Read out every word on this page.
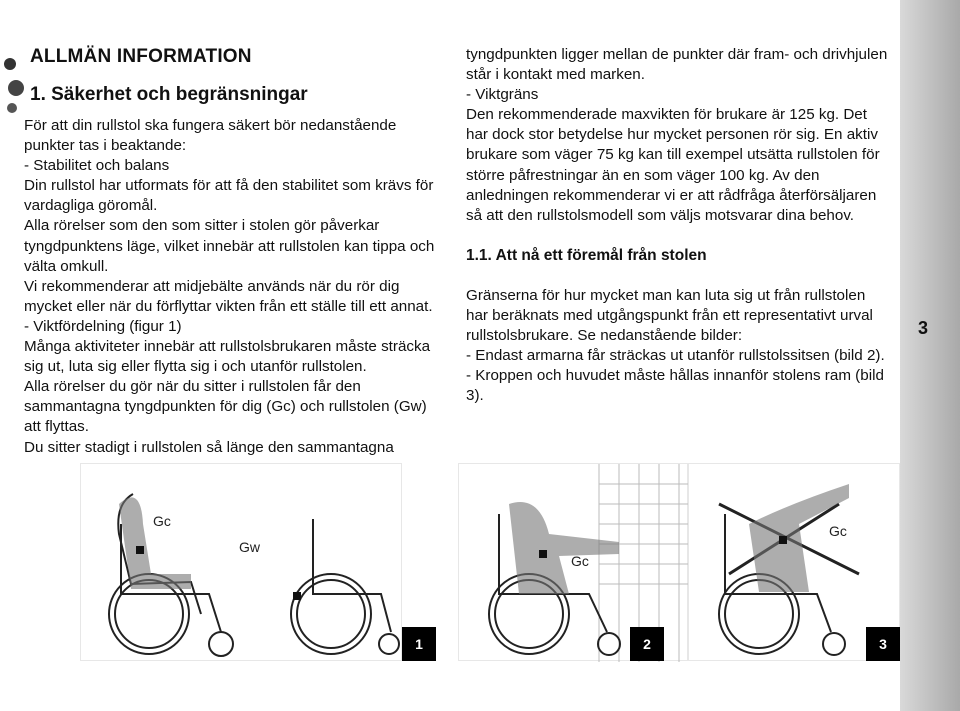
3
ALLMÄN INFORMATION
1. Säkerhet och begränsningar

För att din rullstol ska fungera säkert bör nedanstående punkter tas i beaktande:

- Stabilitet och balans

Din rullstol har utformats för att få den stabilitet som krävs för vardagliga göromål.

Alla rörelser som den som sitter i stolen gör påverkar tyngdpunktens läge, vilket innebär att rullstolen kan tippa och välta omkull.

Vi rekommenderar att midjebälte används när du rör dig mycket eller när du förflyttar vikten från ett ställe till ett annat.

- Viktfördelning (figur 1)

Många aktiviteter innebär att rullstolsbrukaren måste sträcka sig ut, luta sig eller flytta sig i och utanför rullstolen.

Alla rörelser du gör när du sitter i rullstolen får den sammantagna tyngdpunkten för dig (Gc) och rullstolen (Gw) att flyttas.

Du sitter stadigt i rullstolen så länge den sammantagna

tyngdpunkten ligger mellan de punkter där fram- och drivhjulen står i kontakt med marken.

- Viktgräns

Den rekommenderade maxvikten för brukare är 125 kg. Det har dock stor betydelse hur mycket personen rör sig. En aktiv brukare som väger 75 kg kan till exempel utsätta rullstolen för större påfrestningar än en som väger 100 kg. Av den anledningen rekommenderar vi er att rådfråga återförsäljaren så att den rullstolsmodell som väljs motsvarar dina behov.

1.1. Att nå ett föremål från stolen

Gränserna för hur mycket man kan luta sig ut från rullstolen har beräknats med utgångspunkt från ett representativt urval rullstolsbrukare. Se nedanstående bilder:

- Endast armarna får sträckas ut utanför rullstolssitsen (bild 2).

- Kroppen och huvudet måste hållas innanför stolens ram (bild 3).

Gc
Gw
1
Gc
2
Gc
3
